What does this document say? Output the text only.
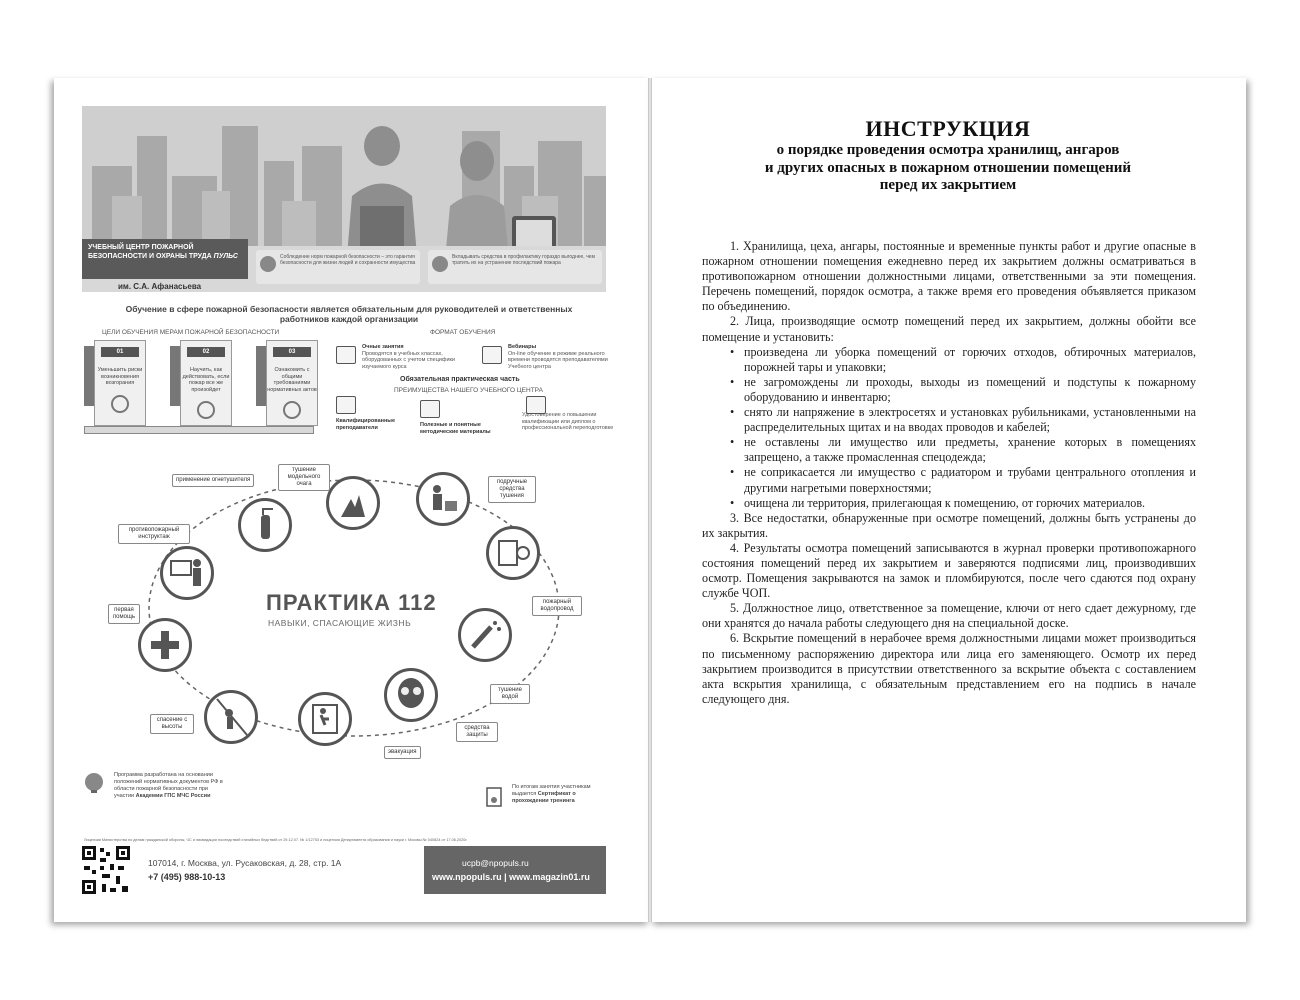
УЧЕБНЫЙ ЦЕНТР ПОЖАРНОЙ БЕЗОПАСНОСТИ И ОХРАНЫ ТРУДА ПУЛЬС
им. С.А. Афанасьева
Соблюдение норм пожарной безопасности – это гарантия безопасности для жизни людей и сохранности имущества
Вкладывать средства в профилактику гораздо выгоднее, чем тратить их на устранение последствий пожара
Обучение в сфере пожарной безопасности является обязательным для руководителей и ответственных работников каждой организации
ЦЕЛИ ОБУЧЕНИЯ МЕРАМ ПОЖАРНОЙ БЕЗОПАСНОСТИ	ФОРМАТ ОБУЧЕНИЯ
01
Уменьшить риски возникновения возгорания
02
Научить, как действовать, если пожар все же произойдет
03
Ознакомить с общими требованиями нормативных актов
Очные занятия
Проводятся в учебных классах, оборудованных с учетом специфики изучаемого курса
Вебинары
On-line обучение в режиме реального времени проводятся преподавателями Учебного центра
Обязательная практическая часть
ПРЕИМУЩЕСТВА НАШЕГО УЧЕБНОГО ЦЕНТРА
Квалифицированные преподаватели	Полезные и понятные методические материалы
Удостоверение о повышении квалификации или диплом о профессиональной переподготовке
ПРАКТИКА 112
НАВЫКИ, СПАСАЮЩИЕ ЖИЗНЬ
применение огнетушителя
тушение модельного очага	подручные средства тушения
пожарный водопровод
тушение водой
средства защиты
эвакуация
спасение с высоты
первая помощь
противопожарный инструктаж
Программа разработана на основании положений нормативных документов РФ в области пожарной безопасности при участии Академии ГПС МЧС России
По итогам занятия участникам выдается Сертификат о прохождении тренинга
Лицензия Министерства по делам гражданской обороны, ЧС и ликвидации последствий стихийных бедствий от 29.12.07. № 1/12753 и лицензия Департамента образования и науки г. Москвы № 040824 от 17.06.2020г.
107014, г. Москва, ул. Русаковская, д. 28, стр. 1А
+7 (495) 988-10-13
ucpb@npopuls.ru
www.npopuls.ru | www.magazin01.ru
ИНСТРУКЦИЯ
о порядке проведения осмотра хранилищ, ангаров
и других опасных в пожарном отношении помещений
перед их закрытием

1. Хранилища, цеха, ангары, постоянные и временные пункты работ и другие опасные в пожарном отношении помещения ежедневно перед их закрытием должны осматриваться в противопожарном отношении должностными лицами, ответственными за эти помещения. Перечень помещений, порядок осмотра, а также время его проведения объявляется приказом по объединению.

2. Лица, производящие осмотр помещений перед их закрытием, должны обойти все помещение и установить:

• произведена ли уборка помещений от горючих отходов, обтирочных материалов, порожней тары и упаковки;
• не загромождены ли проходы, выходы из помещений и подступы к пожарному оборудованию и инвентарю;
• снято ли напряжение в электросетях и установках рубильниками, установленными на распределительных щитах и на вводах проводов и кабелей;
• не оставлены ли имущество или предметы, хранение которых в помещениях запрещено, а также промасленная спецодежда;
• не соприкасается ли имущество с радиатором и трубами центрального отопления и другими нагретыми поверхностями;
• очищена ли территория, прилегающая к помещению, от горючих материалов.

3. Все недостатки, обнаруженные при осмотре помещений, должны быть устранены до их закрытия.

4. Результаты осмотра помещений записываются в журнал проверки противопожарного состояния помещений перед их закрытием и заверяются подписями лиц, производивших осмотр. Помещения закрываются на замок и пломбируются, после чего сдаются под охрану службе ЧОП.

5. Должностное лицо, ответственное за помещение, ключи от него сдает дежурному, где они хранятся до начала работы следующего дня на специальной доске.

6. Вскрытие помещений в нерабочее время должностными лицами может производиться по письменному распоряжению директора или лица его заменяющего. Осмотр их перед закрытием производится в присутствии ответственного за вскрытие объекта с составлением акта вскрытия хранилища, с обязательным представлением его на подпись в начале следующего дня.
